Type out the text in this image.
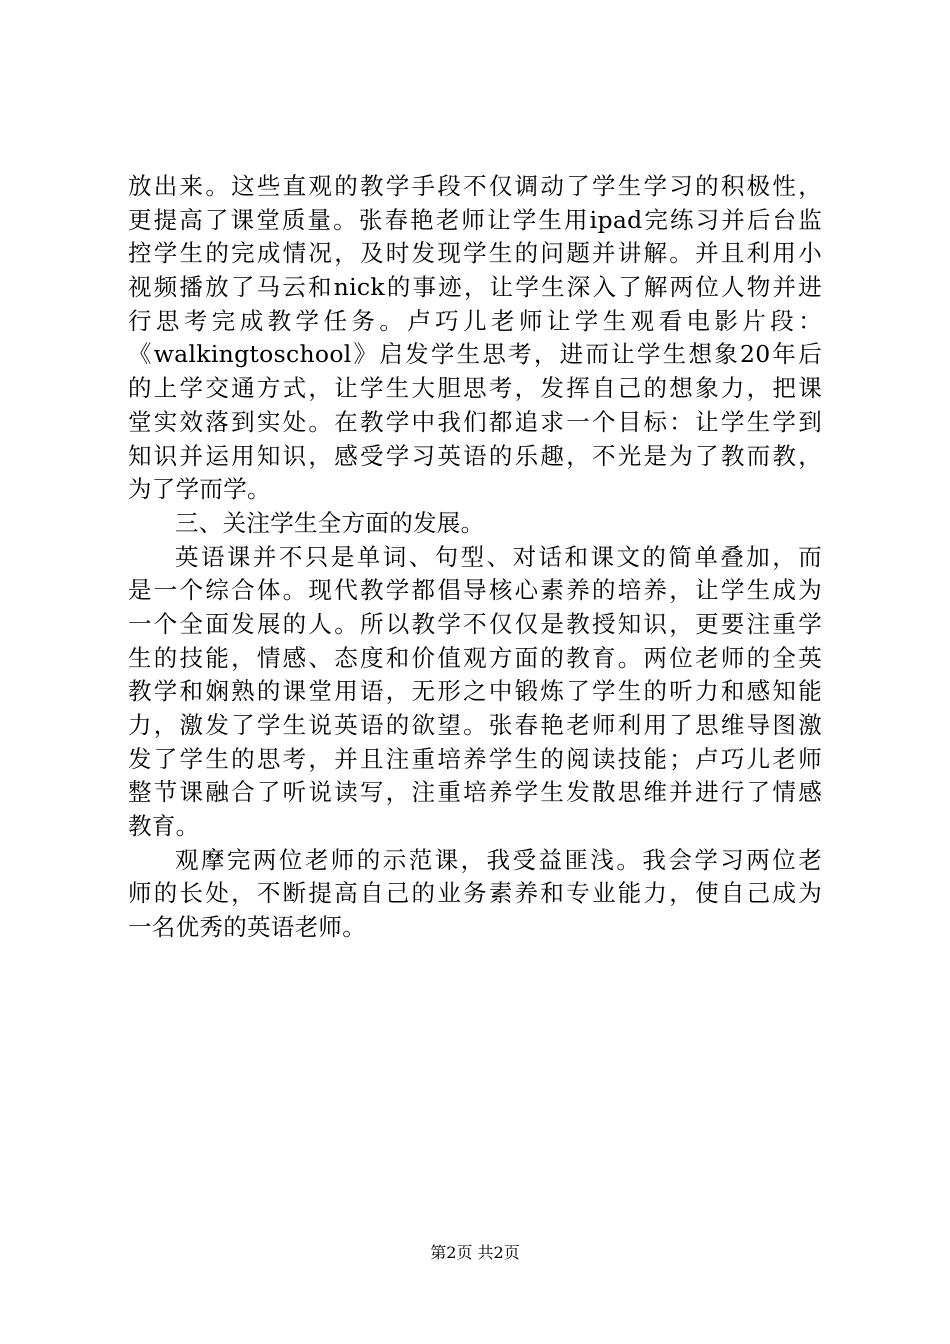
放出来。这些直观的教学手段不仅调动了学生学习的积极性，
更提高了课堂质量。张春艳老师让学生用ipad完练习并后台监
控学生的完成情况，及时发现学生的问题并讲解。并且利用小
视频播放了马云和nick的事迹，让学生深入了解两位人物并进
行思考完成教学任务。卢巧儿老师让学生观看电影片段：
《walkingtoschool》启发学生思考，进而让学生想象20年后
的上学交通方式，让学生大胆思考，发挥自己的想象力，把课
堂实效落到实处。在教学中我们都追求一个目标：让学生学到
知识并运用知识，感受学习英语的乐趣，不光是为了教而教，
为了学而学。
三、关注学生全方面的发展。
英语课并不只是单词、句型、对话和课文的简单叠加，而
是一个综合体。现代教学都倡导核心素养的培养，让学生成为
一个全面发展的人。所以教学不仅仅是教授知识，更要注重学
生的技能，情感、态度和价值观方面的教育。两位老师的全英
教学和娴熟的课堂用语，无形之中锻炼了学生的听力和感知能
力，激发了学生说英语的欲望。张春艳老师利用了思维导图激
发了学生的思考，并且注重培养学生的阅读技能；卢巧儿老师
整节课融合了听说读写，注重培养学生发散思维并进行了情感
教育。
观摩完两位老师的示范课，我受益匪浅。我会学习两位老
师的长处，不断提高自己的业务素养和专业能力，使自己成为
一名优秀的英语老师。
第2页 共2页
